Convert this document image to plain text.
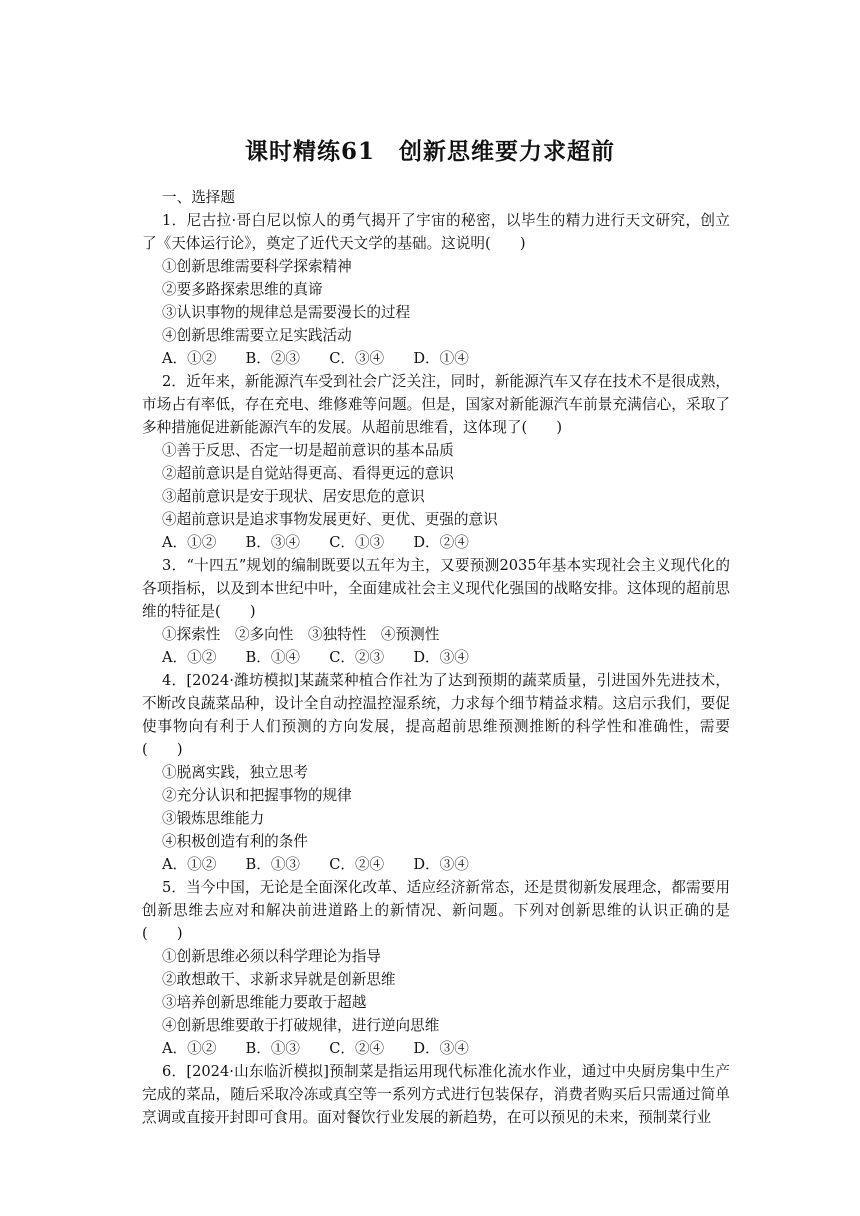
课时精练61　创新思维要力求超前

一、选择题

1．尼古拉·哥白尼以惊人的勇气揭开了宇宙的秘密，以毕生的精力进行天文研究，创立了《天体运行论》，奠定了近代天文学的基础。这说明(　　)

①创新思维需要科学探索精神

②要多路探索思维的真谛

③认识事物的规律总是需要漫长的过程

④创新思维需要立足实践活动

A．①②　　B．②③　　C．③④　　D．①④

2．近年来，新能源汽车受到社会广泛关注，同时，新能源汽车又存在技术不是很成熟，市场占有率低，存在充电、维修难等问题。但是，国家对新能源汽车前景充满信心，采取了多种措施促进新能源汽车的发展。从超前思维看，这体现了(　　)

①善于反思、否定一切是超前意识的基本品质

②超前意识是自觉站得更高、看得更远的意识

③超前意识是安于现状、居安思危的意识

④超前意识是追求事物发展更好、更优、更强的意识

A．①②　　B．③④　　C．①③　　D．②④

3．“十四五”规划的编制既要以五年为主，又要预测2035年基本实现社会主义现代化的各项指标，以及到本世纪中叶，全面建成社会主义现代化强国的战略安排。这体现的超前思维的特征是(　　)

①探索性　②多向性　③独特性　④预测性

A．①②　　B．①④　　C．②③　　D．③④

4．[2024·潍坊模拟]某蔬菜种植合作社为了达到预期的蔬菜质量，引进国外先进技术，不断改良蔬菜品种，设计全自动控温控湿系统，力求每个细节精益求精。这启示我们，要促使事物向有利于人们预测的方向发展，提高超前思维预测推断的科学性和准确性，需要(　　)

①脱离实践，独立思考

②充分认识和把握事物的规律

③锻炼思维能力

④积极创造有利的条件

A．①②　　B．①③　　C．②④　　D．③④

5．当今中国，无论是全面深化改革、适应经济新常态，还是贯彻新发展理念，都需要用创新思维去应对和解决前进道路上的新情况、新问题。下列对创新思维的认识正确的是(　　)

①创新思维必须以科学理论为指导

②敢想敢干、求新求异就是创新思维

③培养创新思维能力要敢于超越

④创新思维要敢于打破规律，进行逆向思维

A．①②　　B．①③　　C．②④　　D．③④

6．[2024·山东临沂模拟]预制菜是指运用现代标准化流水作业，通过中央厨房集中生产完成的菜品，随后采取冷冻或真空等一系列方式进行包装保存，消费者购买后只需通过简单烹调或直接开封即可食用。面对餐饮行业发展的新趋势，在可以预见的未来，预制菜行业
